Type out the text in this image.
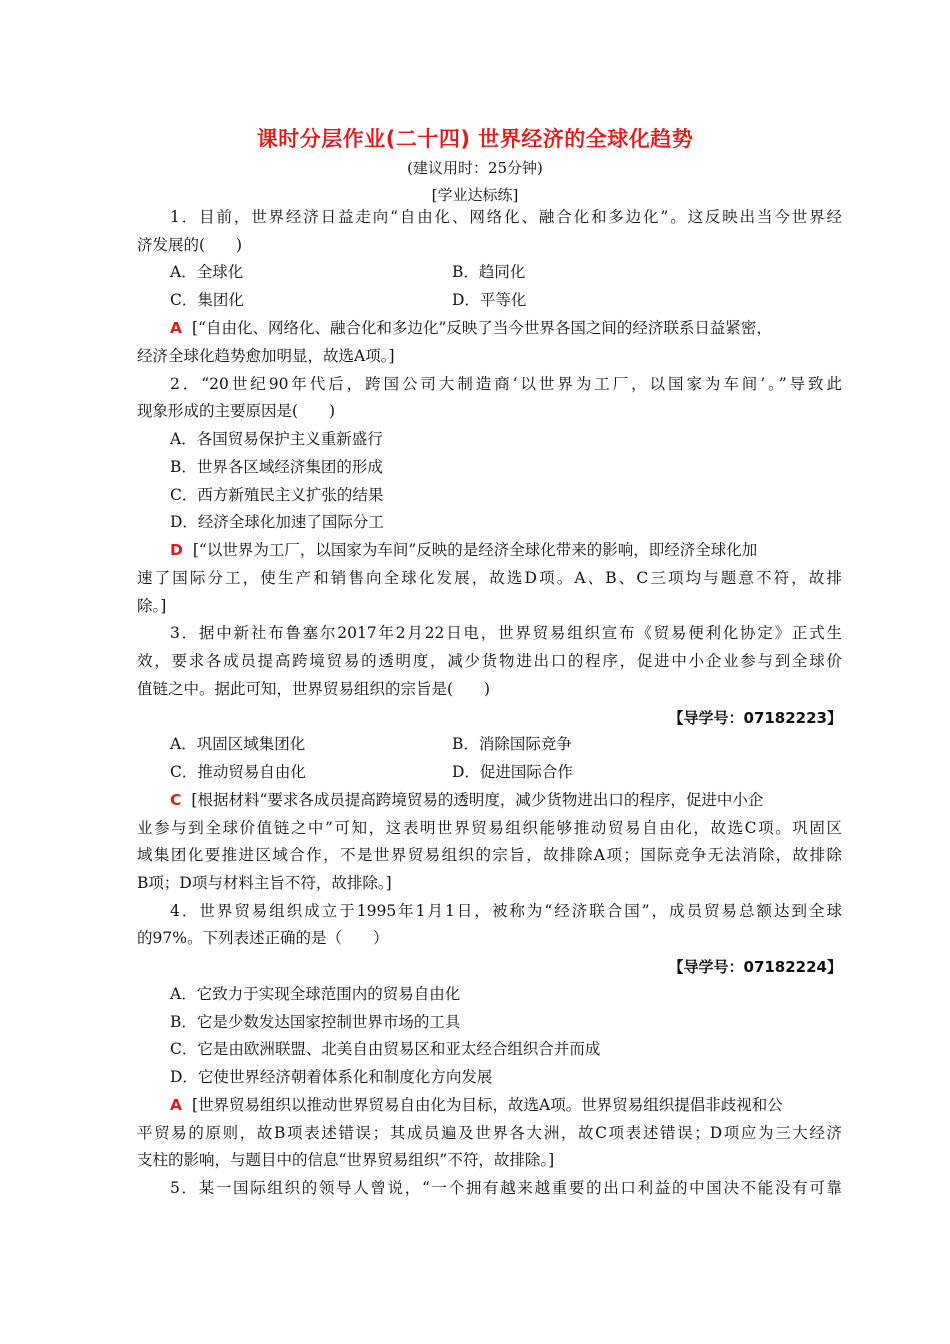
课时分层作业(二十四) 世界经济的全球化趋势
(建议用时：25分钟)
[学业达标练]
1．目前，世界经济日益走向“自由化、网络化、融合化和多边化”。这反映出当今世界经
济发展的(　　)
A．全球化	B．趋同化
C．集团化	D．平等化
A [“自由化、网络化、融合化和多边化”反映了当今世界各国之间的经济联系日益紧密，
经济全球化趋势愈加明显，故选A项。]
2．“20世纪90年代后，跨国公司大制造商‘以世界为工厂，以国家为车间’。”导致此
现象形成的主要原因是(　　)
A．各国贸易保护主义重新盛行
B．世界各区域经济集团的形成
C．西方新殖民主义扩张的结果
D．经济全球化加速了国际分工
D [“以世界为工厂，以国家为车间”反映的是经济全球化带来的影响，即经济全球化加
速了国际分工，使生产和销售向全球化发展，故选D项。A、B、C三项均与题意不符，故排
除。]
3．据中新社布鲁塞尔2017年2月22日电，世界贸易组织宣布《贸易便利化协定》正式生
效，要求各成员提高跨境贸易的透明度，减少货物进出口的程序，促进中小企业参与到全球价
值链之中。据此可知，世界贸易组织的宗旨是(　　)
【导学号：07182223】
A．巩固区域集团化	B．消除国际竞争
C．推动贸易自由化	D．促进国际合作
C [根据材料“要求各成员提高跨境贸易的透明度，减少货物进出口的程序，促进中小企
业参与到全球价值链之中”可知，这表明世界贸易组织能够推动贸易自由化，故选C项。巩固区
域集团化要推进区域合作，不是世界贸易组织的宗旨，故排除A项；国际竞争无法消除，故排除
B项；D项与材料主旨不符，故排除。]
4．世界贸易组织成立于1995年1月1日，被称为“经济联合国”，成员贸易总额达到全球
的97%。下列表述正确的是（　　）
【导学号：07182224】
A．它致力于实现全球范围内的贸易自由化
B．它是少数发达国家控制世界市场的工具
C．它是由欧洲联盟、北美自由贸易区和亚太经合组织合并而成
D．它使世界经济朝着体系化和制度化方向发展
A [世界贸易组织以推动世界贸易自由化为目标，故选A项。世界贸易组织提倡非歧视和公
平贸易的原则，故B项表述错误；其成员遍及世界各大洲，故C项表述错误；D项应为三大经济
支柱的影响，与题目中的信息“世界贸易组织”不符，故排除。]
5．某一国际组织的领导人曾说，“一个拥有越来越重要的出口利益的中国决不能没有可靠
